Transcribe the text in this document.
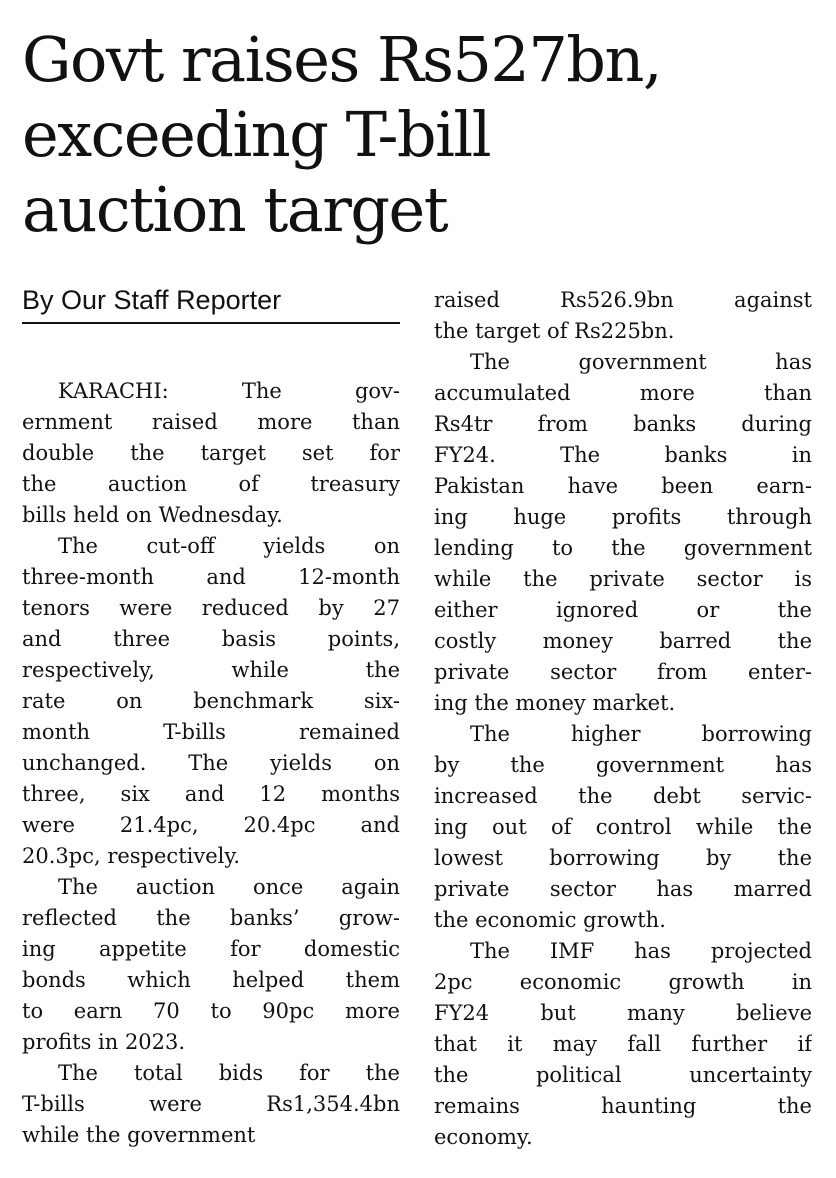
Govt raises Rs527bn,
exceeding T-bill
auction target
By Our Staff Reporter

KARACHI: The gov-
ernment raised more than
double the target set for
the auction of treasury
bills held on Wednesday.

The cut-off yields on
three-month and 12-month
tenors were reduced by 27
and three basis points,
respectively, while the
rate on benchmark six-
month T-bills remained
unchanged. The yields on
three, six and 12 months
were 21.4pc, 20.4pc and
20.3pc, respectively.

The auction once again
reflected the banks’ grow-
ing appetite for domestic
bonds which helped them
to earn 70 to 90pc more
profits in 2023.

The total bids for the
T-bills were Rs1,354.4bn
while the government

raised Rs526.9bn against
the target of Rs225bn.

The government has
accumulated more than
Rs4tr from banks during
FY24. The banks in
Pakistan have been earn-
ing huge profits through
lending to the government
while the private sector is
either ignored or the
costly money barred the
private sector from enter-
ing the money market.

The higher borrowing
by the government has
increased the debt servic-
ing out of control while the
lowest borrowing by the
private sector has marred
the economic growth.

The IMF has projected
2pc economic growth in
FY24 but many believe
that it may fall further if
the political uncertainty
remains haunting the
economy.
